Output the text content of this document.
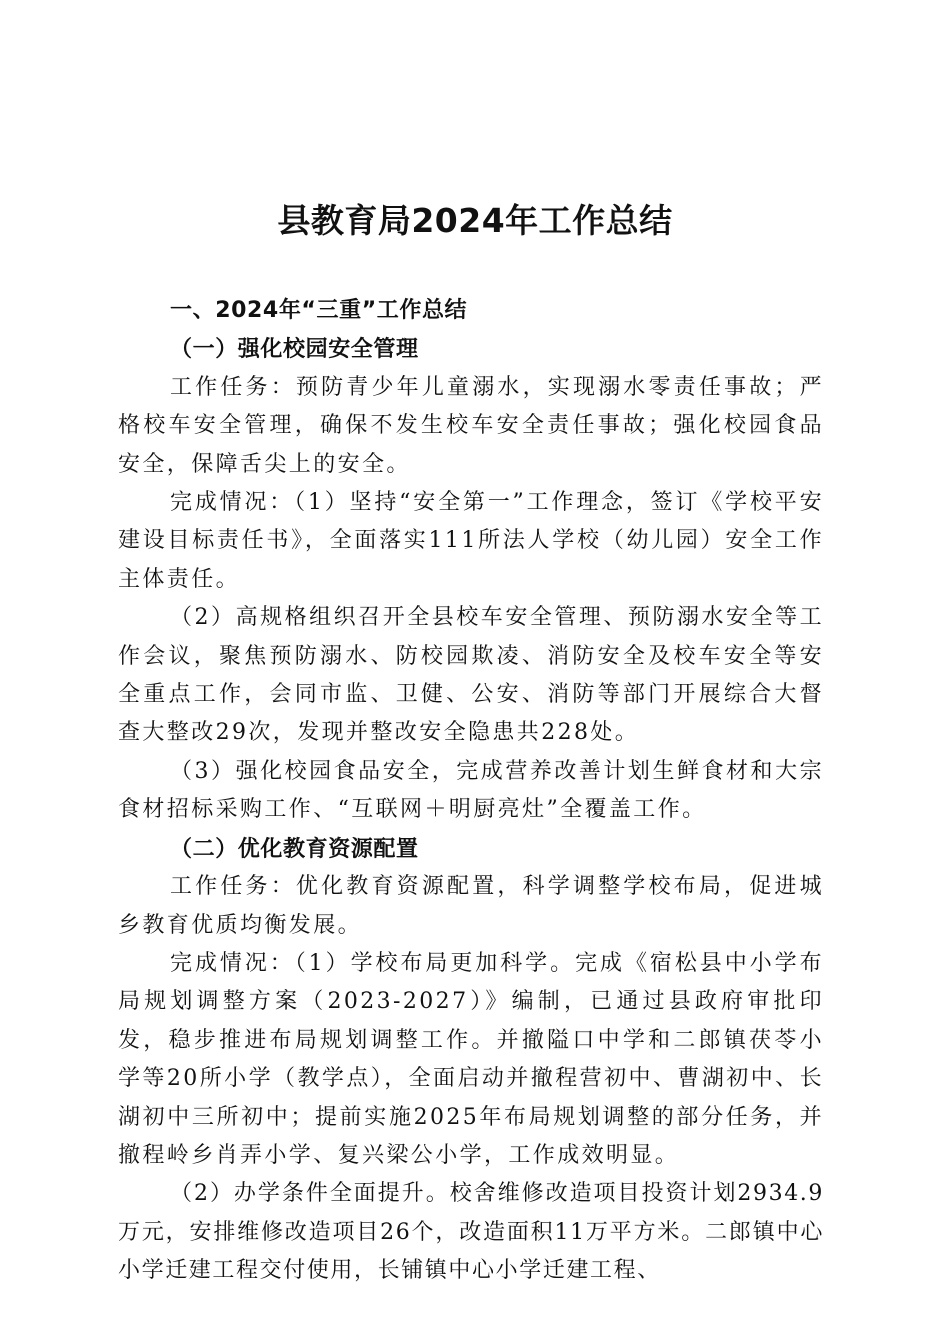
县教育局2024年工作总结

一、2024年“三重”工作总结

（一）强化校园安全管理

工作任务：预防青少年儿童溺水，实现溺水零责任事故；严格校车安全管理，确保不发生校车安全责任事故；强化校园食品安全，保障舌尖上的安全。

完成情况：（1）坚持“安全第一”工作理念，签订《学校平安建设目标责任书》，全面落实111所法人学校（幼儿园）安全工作主体责任。

（2）高规格组织召开全县校车安全管理、预防溺水安全等工作会议，聚焦预防溺水、防校园欺凌、消防安全及校车安全等安全重点工作，会同市监、卫健、公安、消防等部门开展综合大督查大整改29次，发现并整改安全隐患共228处。

（3）强化校园食品安全，完成营养改善计划生鲜食材和大宗食材招标采购工作、“互联网＋明厨亮灶”全覆盖工作。

（二）优化教育资源配置

工作任务：优化教育资源配置，科学调整学校布局，促进城乡教育优质均衡发展。

完成情况：（1）学校布局更加科学。完成《宿松县中小学布局规划调整方案（2023-2027）》编制，已通过县政府审批印发，稳步推进布局规划调整工作。并撤隘口中学和二郎镇茯苓小学等20所小学（教学点），全面启动并撤程营初中、曹湖初中、长湖初中三所初中；提前实施2025年布局规划调整的部分任务，并撤程岭乡肖弄小学、复兴梁公小学，工作成效明显。

（2）办学条件全面提升。校舍维修改造项目投资计划2934.9万元，安排维修改造项目26个，改造面积11万平方米。二郎镇中心小学迁建工程交付使用，长铺镇中心小学迁建工程、
